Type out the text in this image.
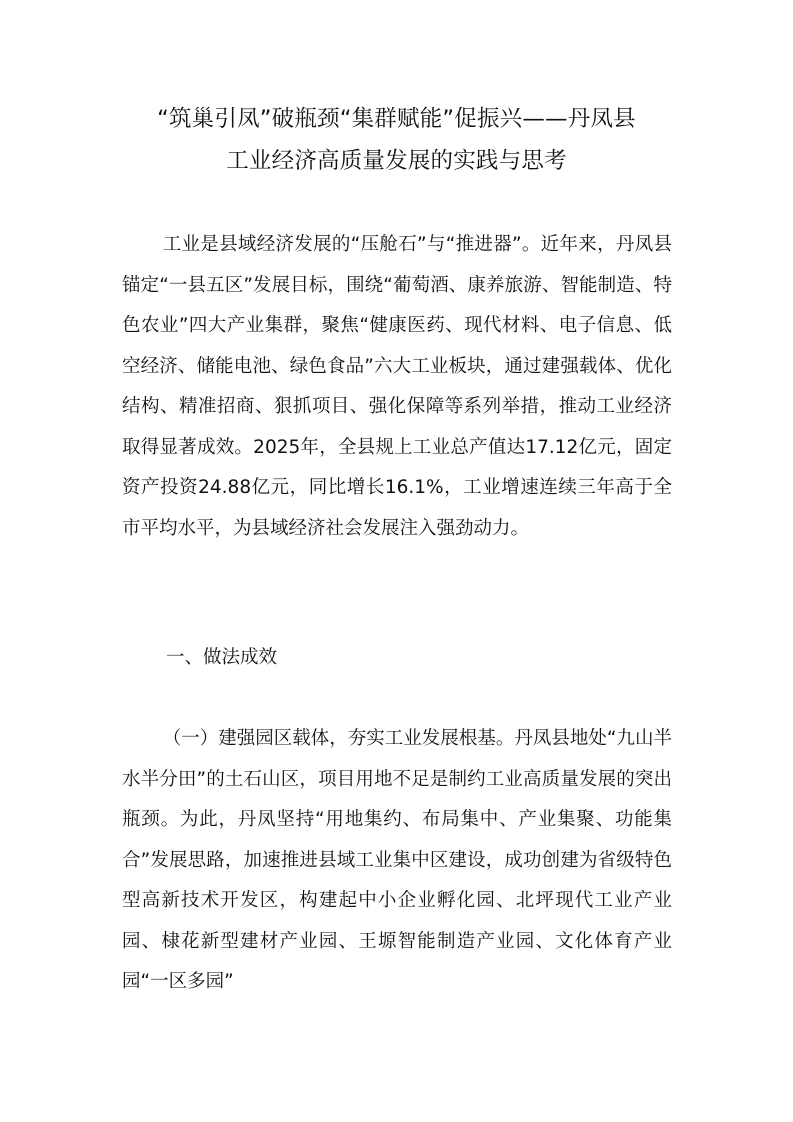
“筑巢引凤”破瓶颈“集群赋能”促振兴——丹凤县
工业经济高质量发展的实践与思考

工业是县域经济发展的“压舱石”与“推进器”。近年来，丹凤县锚定“一县五区”发展目标，围绕“葡萄酒、康养旅游、智能制造、特色农业”四大产业集群，聚焦“健康医药、现代材料、电子信息、低空经济、储能电池、绿色食品”六大工业板块，通过建强载体、优化结构、精准招商、狠抓项目、强化保障等系列举措，推动工业经济取得显著成效。2025年，全县规上工业总产值达17.12亿元，固定资产投资24.88亿元，同比增长16.1%，工业增速连续三年高于全市平均水平，为县域经济社会发展注入强劲动力。

一、做法成效

（一）建强园区载体，夯实工业发展根基。丹凤县地处“九山半水半分田”的土石山区，项目用地不足是制约工业高质量发展的突出瓶颈。为此，丹凤坚持“用地集约、布局集中、产业集聚、功能集合”发展思路，加速推进县域工业集中区建设，成功创建为省级特色型高新技术开发区，构建起中小企业孵化园、北坪现代工业产业园、棣花新型建材产业园、王塬智能制造产业园、文化体育产业园“一区多园”
